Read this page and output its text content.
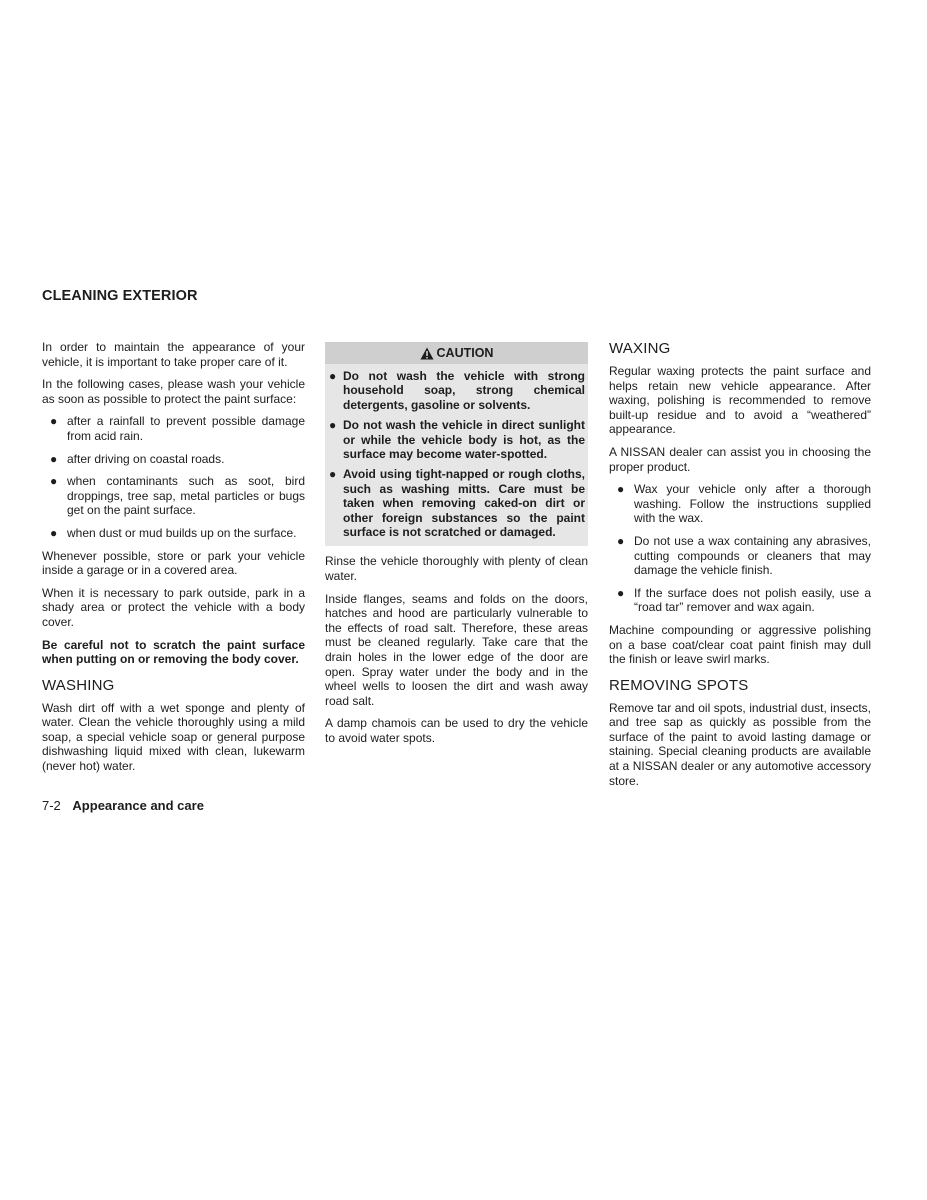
CLEANING EXTERIOR

In order to maintain the appearance of your vehicle, it is important to take proper care of it.

In the following cases, please wash your vehicle as soon as possible to protect the paint surface:

● after a rainfall to prevent possible damage from acid rain.
● after driving on coastal roads.
● when contaminants such as soot, bird droppings, tree sap, metal particles or bugs get on the paint surface.
● when dust or mud builds up on the surface.

Whenever possible, store or park your vehicle inside a garage or in a covered area.

When it is necessary to park outside, park in a shady area or protect the vehicle with a body cover.

Be careful not to scratch the paint surface when putting on or removing the body cover.

WASHING

Wash dirt off with a wet sponge and plenty of water. Clean the vehicle thoroughly using a mild soap, a special vehicle soap or general purpose dishwashing liquid mixed with clean, lukewarm (never hot) water.

CAUTION
● Do not wash the vehicle with strong household soap, strong chemical detergents, gasoline or solvents.
● Do not wash the vehicle in direct sunlight or while the vehicle body is hot, as the surface may become water-spotted.
● Avoid using tight-napped or rough cloths, such as washing mitts. Care must be taken when removing caked-on dirt or other foreign substances so the paint surface is not scratched or damaged.

Rinse the vehicle thoroughly with plenty of clean water.

Inside flanges, seams and folds on the doors, hatches and hood are particularly vulnerable to the effects of road salt. Therefore, these areas must be cleaned regularly. Take care that the drain holes in the lower edge of the door are open. Spray water under the body and in the wheel wells to loosen the dirt and wash away road salt.

A damp chamois can be used to dry the vehicle to avoid water spots.

WAXING

Regular waxing protects the paint surface and helps retain new vehicle appearance. After waxing, polishing is recommended to remove built-up residue and to avoid a “weathered” appearance.

A NISSAN dealer can assist you in choosing the proper product.

● Wax your vehicle only after a thorough washing. Follow the instructions supplied with the wax.
● Do not use a wax containing any abrasives, cutting compounds or cleaners that may damage the vehicle finish.
● If the surface does not polish easily, use a “road tar” remover and wax again.

Machine compounding or aggressive polishing on a base coat/clear coat paint finish may dull the finish or leave swirl marks.

REMOVING SPOTS

Remove tar and oil spots, industrial dust, insects, and tree sap as quickly as possible from the surface of the paint to avoid lasting damage or staining. Special cleaning products are available at a NISSAN dealer or any automotive accessory store.

7-2 Appearance and care
